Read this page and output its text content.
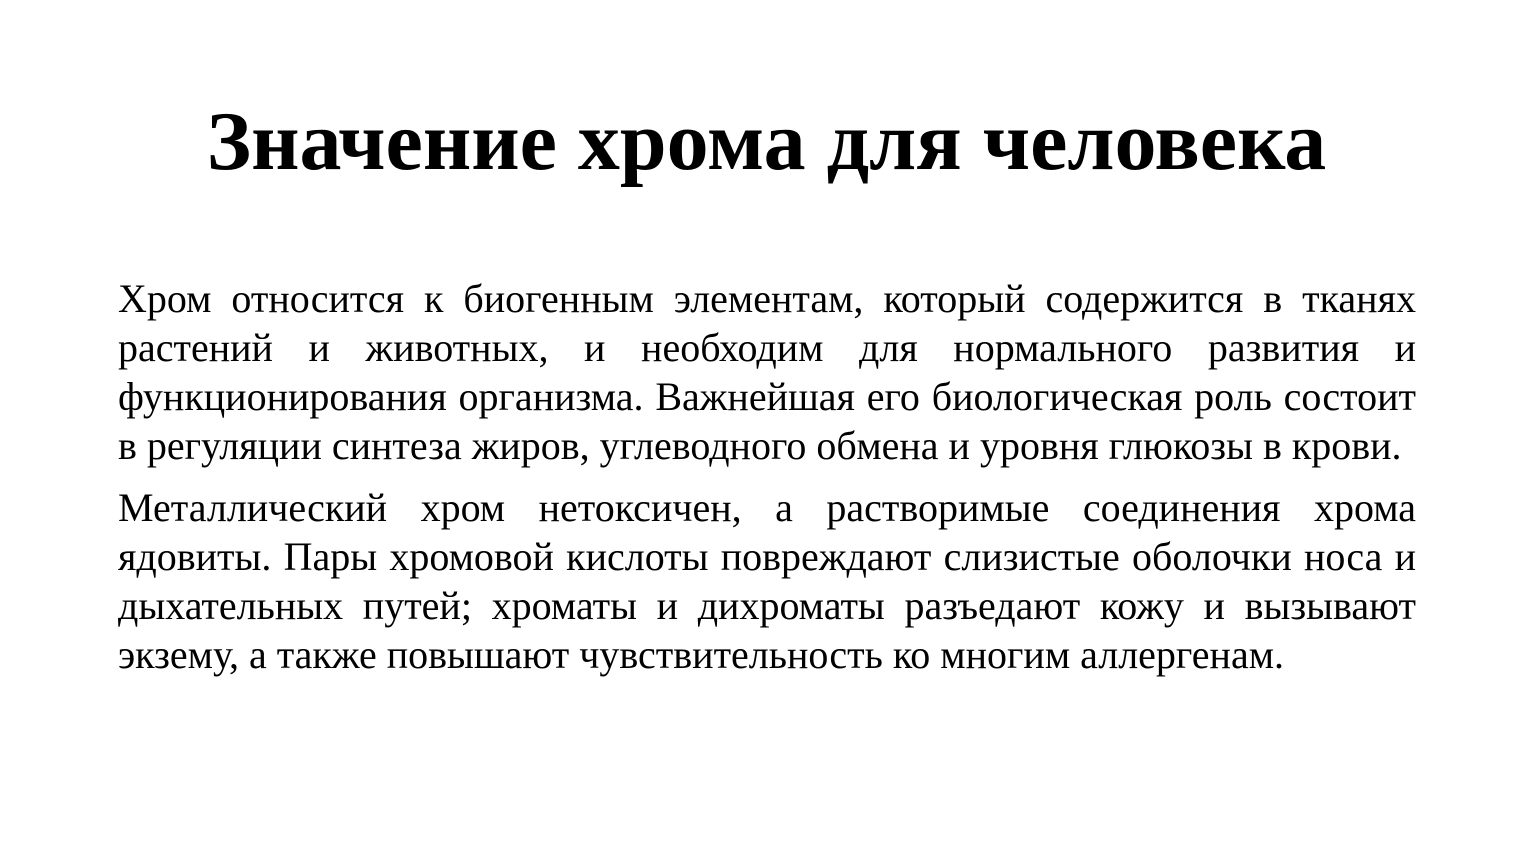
Значение хрома для человека

Хром относится к биогенным элементам, который содержится в тканях растений и животных, и необходим для нормального развития и функционирования организма. Важнейшая его биологическая роль состоит в регуляции синтеза жиров, углеводного обмена и уровня глюкозы в крови.

Металлический хром нетоксичен, а растворимые соединения хрома ядовиты. Пары хромовой кислоты повреждают слизистые оболочки носа и дыхательных путей; хроматы и дихроматы разъедают кожу и вызывают экзему, а также повышают чувствительность ко многим аллергенам.
